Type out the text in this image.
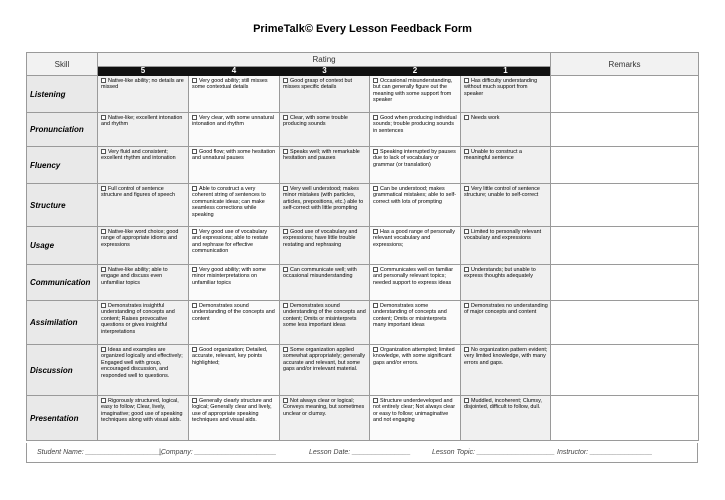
PrimeTalk© Every Lesson Feedback Form
Skill	Rating					Remarks
	5	4	3	2	1	
Listening	Native-like ability; no details are missed	Very good ability; still misses some contextual details	Good grasp of context but misses specific details	Occasional misunderstanding, but can generally figure out the meaning with some support from speaker	Has difficulty understanding without much support from speaker	
Pronunciation	Native-like; excellent intonation and rhythm	Very clear, with some unnatural intonation and rhythm	Clear, with some trouble producing sounds	Good when producing individual sounds; trouble producing sounds in sentences	Needs work	
Fluency	Very fluid and consistent; excellent rhythm and intonation	Good flow; with some hesitation and unnatural pauses	Speaks well; with remarkable hesitation and pauses	Speaking interrupted by pauses due to lack of vocabulary or grammar (or translation)	Unable to construct a meaningful sentence	
Structure	Full control of sentence structure and figures of speech	Able to construct a very coherent string of sentences to communicate ideas; can make seamless corrections while speaking	Very well understood; makes minor mistakes (with particles, articles, prepositions, etc.) able to self-correct with little prompting	Can be understood; makes grammatical mistakes; able to self-correct with lots of prompting	Very little control of sentence structure; unable to self-correct	
Usage	Native-like word choice; good range of appropriate idioms and expressions	Very good use of vocabulary and expressions; able to restate and rephrase for effective communication	Good use of vocabulary and expressions; have little trouble restating and rephrasing	Has a good range of personally relevant vocabulary and expressions;	Limited to personally relevant vocabulary and expressions	
Communication	Native-like ability; able to engage and discuss even unfamiliar topics	Very good ability; with some minor misinterpretations on unfamiliar topics	Can communicate well; with occasional misunderstanding	Communicates well on familiar and personally relevant topics; needed support to express ideas	Understands; but unable to express thoughts adequately	
Assimilation	Demonstrates insightful understanding of concepts and content; Raises provocative questions or gives insightful interpretations	Demonstrates sound understanding of the concepts and content	Demonstrates sound understanding of the concepts and content; Omits or misinterprets some less important ideas	Demonstrates some understanding of concepts and content; Omits or misinterprets many important ideas	Demonstrates no understanding of major concepts and content	
Discussion	Ideas and examples are organized logically and effectively; Engaged well with group, encouraged discussion, and responded well to questions.	Good organization; Detailed, accurate, relevant, key points highlighted;	Some organization applied somewhat appropriately; generally accurate and relevant, but some gaps and/or irrelevant material.	Organization attempted; limited knowledge, with some significant gaps and/or errors.	No organization pattern evident; very limited knowledge, with many errors and gaps.	
Presentation	Rigorously structured, logical, easy to follow; Clear, lively, imaginative; good use of speaking techniques along with visual aids.	Generally clearly structure and logical; Generally clear and lively, use of appropriate speaking techniques and visual aids.	Not always clear or logical; Conveys meaning, but sometimes unclear or clumsy.	Structure underdeveloped and not entirely clear; Not always clear or easy to follow; unimaginative and not engaging	Muddled, incoherent; Clumsy, disjointed, difficult to follow, dull.	
Student Name: ____________________
|Company: _____________________	Lesson Date: _______________	Lesson Topic: ____________________ Instructor: ________________
